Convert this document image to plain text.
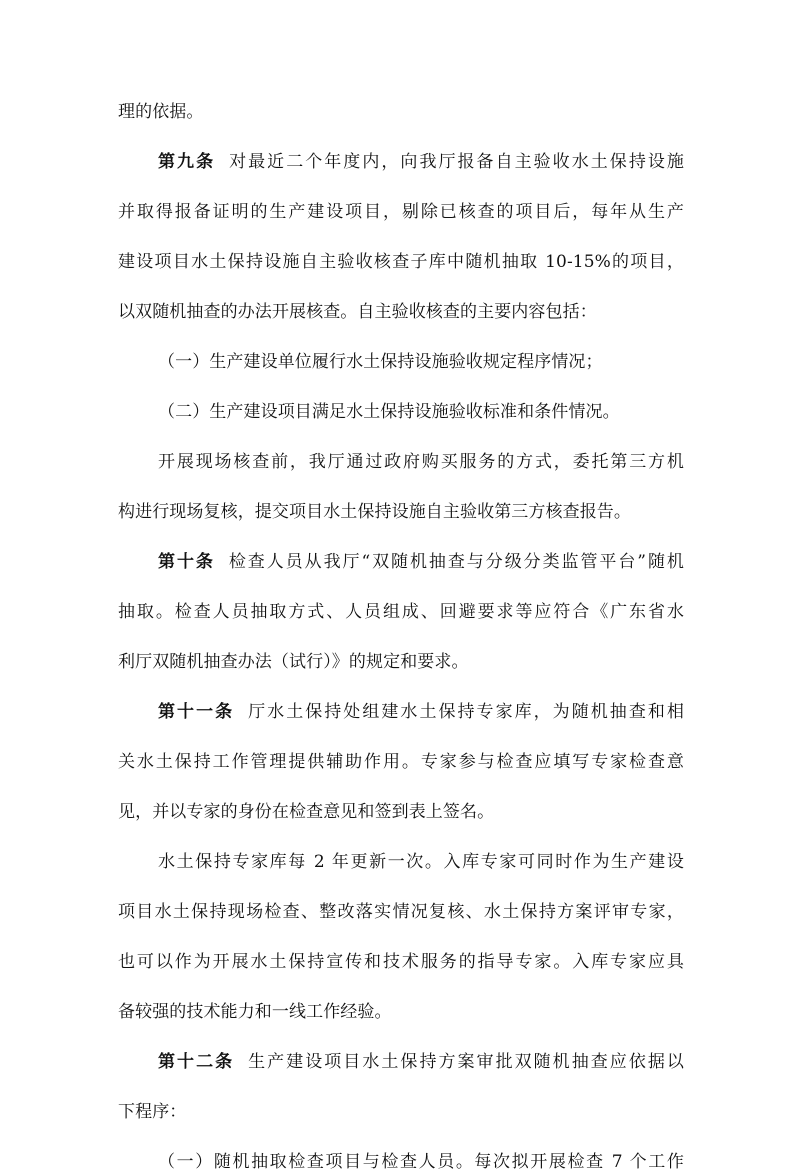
理的依据。
第九条 对最近二个年度内，向我厅报备自主验收水土保持设施
并取得报备证明的生产建设项目，剔除已核查的项目后，每年从生产
建设项目水土保持设施自主验收核查子库中随机抽取 10-15%的项目，
以双随机抽查的办法开展核查。自主验收核查的主要内容包括：
（一）生产建设单位履行水土保持设施验收规定程序情况；
（二）生产建设项目满足水土保持设施验收标准和条件情况。
开展现场核查前，我厅通过政府购买服务的方式，委托第三方机
构进行现场复核，提交项目水土保持设施自主验收第三方核查报告。
第十条 检查人员从我厅“双随机抽查与分级分类监管平台”随机
抽取。检查人员抽取方式、人员组成、回避要求等应符合《广东省水
利厅双随机抽查办法（试行）》的规定和要求。
第十一条 厅水土保持处组建水土保持专家库，为随机抽查和相
关水土保持工作管理提供辅助作用。专家参与检查应填写专家检查意
见，并以专家的身份在检查意见和签到表上签名。
水土保持专家库每 2 年更新一次。入库专家可同时作为生产建设
项目水土保持现场检查、整改落实情况复核、水土保持方案评审专家，
也可以作为开展水土保持宣传和技术服务的指导专家。入库专家应具
备较强的技术能力和一线工作经验。
第十二条 生产建设项目水土保持方案审批双随机抽查应依据以
下程序：
（一）随机抽取检查项目与检查人员。每次拟开展检查 7 个工作
